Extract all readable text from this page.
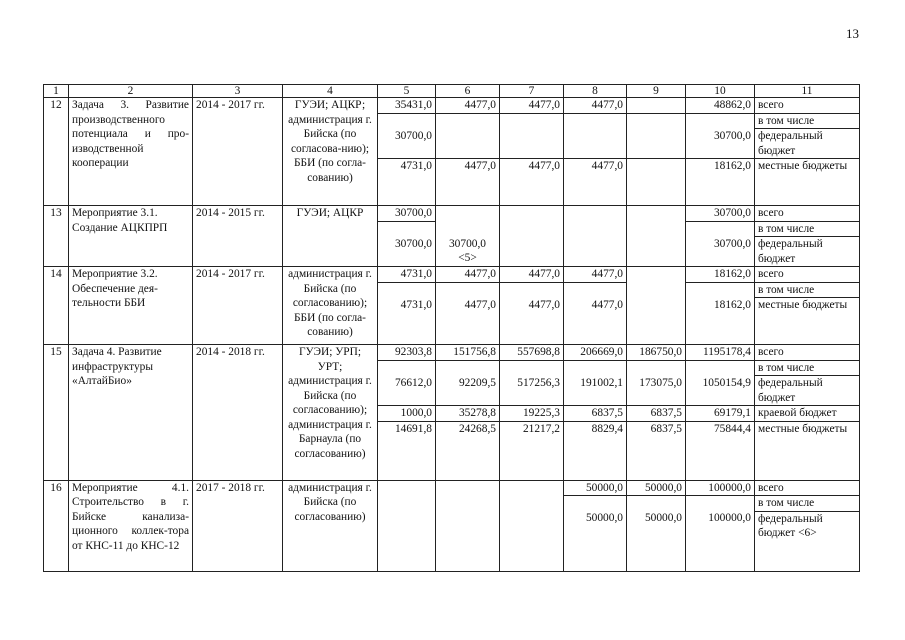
13
1	2	3	4	5	6	7	8	9	10	11
12	Задача 3. Развитие производственного потенциала и про-изводственной кооперации	2014 - 2017 гг.	ГУЭИ; АЦКР; администрация г. Бийска (по согласова-нию); ББИ (по согла-сованию)	35431,0	4477,0	4477,0	4477,0		48862,0	всего
										в том числе
				30700,0					30700,0	федеральный бюджет
				4731,0	4477,0	4477,0	4477,0		18162,0	местные бюджеты
13	Мероприятие 3.1. Создание АЦКПРП	2014 - 2015 гг.	ГУЭИ; АЦКР	30700,0					30700,0	всего
										в том числе
				30700,0	30700,0 <5>				30700,0	федеральный бюджет
14	Мероприятие 3.2. Обеспечение дея-тельности ББИ	2014 - 2017 гг.	администрация г. Бийска (по согласованию); ББИ (по согла-сованию)	4731,0	4477,0	4477,0	4477,0		18162,0	всего
										в том числе
				4731,0	4477,0	4477,0	4477,0		18162,0	местные бюджеты
15	Задача 4. Развитие инфраструктуры «АлтайБио»	2014 - 2018 гг.	ГУЭИ; УРП; УРТ; администрация г. Бийска (по согласованию); администрация г. Барнаула (по согласованию)	92303,8	151756,8	557698,8	206669,0	186750,0	1195178,4	всего
										в том числе
				76612,0	92209,5	517256,3	191002,1	173075,0	1050154,9	федеральный бюджет
				1000,0	35278,8	19225,3	6837,5	6837,5	69179,1	краевой бюджет
				14691,8	24268,5	21217,2	8829,4	6837,5	75844,4	местные бюджеты
16	Мероприятие 4.1. Строительство в г. Бийске канализа-ционного коллек-тора от КНС-11 до КНС-12	2017 - 2018 гг.	администрация г. Бийска (по согласованию)				50000,0	50000,0	100000,0	всего
										в том числе
							50000,0	50000,0	100000,0	федеральный бюджет <6>
